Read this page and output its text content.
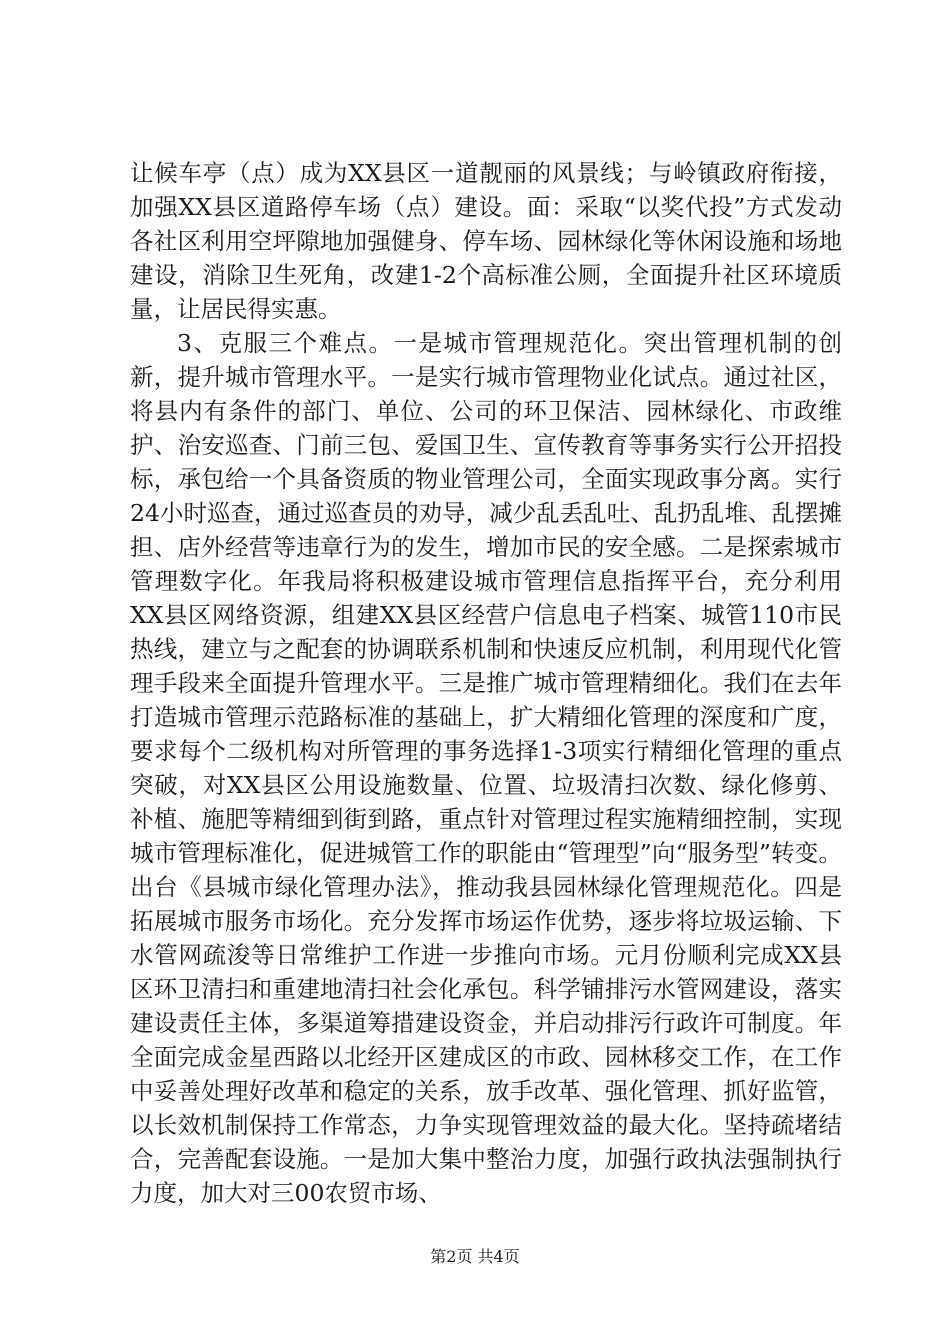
让候车亭（点）成为XX县区一道靓丽的风景线；与岭镇政府衔接，加强XX县区道路停车场（点）建设。面：采取“以奖代投”方式发动各社区利用空坪隙地加强健身、停车场、园林绿化等休闲设施和场地建设，消除卫生死角，改建1-2个高标准公厕，全面提升社区环境质量，让居民得实惠。

3、克服三个难点。一是城市管理规范化。突出管理机制的创新，提升城市管理水平。一是实行城市管理物业化试点。通过社区，将县内有条件的部门、单位、公司的环卫保洁、园林绿化、市政维护、治安巡查、门前三包、爱国卫生、宣传教育等事务实行公开招投标，承包给一个具备资质的物业管理公司，全面实现政事分离。实行24小时巡查，通过巡查员的劝导，减少乱丢乱吐、乱扔乱堆、乱摆摊担、店外经营等违章行为的发生，增加市民的安全感。二是探索城市管理数字化。年我局将积极建设城市管理信息指挥平台，充分利用XX县区网络资源，组建XX县区经营户信息电子档案、城管110市民热线，建立与之配套的协调联系机制和快速反应机制，利用现代化管理手段来全面提升管理水平。三是推广城市管理精细化。我们在去年打造城市管理示范路标准的基础上，扩大精细化管理的深度和广度，要求每个二级机构对所管理的事务选择1-3项实行精细化管理的重点突破，对XX县区公用设施数量、位置、垃圾清扫次数、绿化修剪、补植、施肥等精细到街到路，重点针对管理过程实施精细控制，实现城市管理标准化，促进城管工作的职能由“管理型”向“服务型”转变。出台《县城市绿化管理办法》，推动我县园林绿化管理规范化。四是拓展城市服务市场化。充分发挥市场运作优势，逐步将垃圾运输、下水管网疏浚等日常维护工作进一步推向市场。元月份顺利完成XX县区环卫清扫和重建地清扫社会化承包。科学铺排污水管网建设，落实建设责任主体，多渠道筹措建设资金，并启动排污行政许可制度。年全面完成金星西路以北经开区建成区的市政、园林移交工作，在工作中妥善处理好改革和稳定的关系，放手改革、强化管理、抓好监管，以长效机制保持工作常态，力争实现管理效益的最大化。坚持疏堵结合，完善配套设施。一是加大集中整治力度，加强行政执法强制执行力度，加大对三00农贸市场、

第2页 共4页
